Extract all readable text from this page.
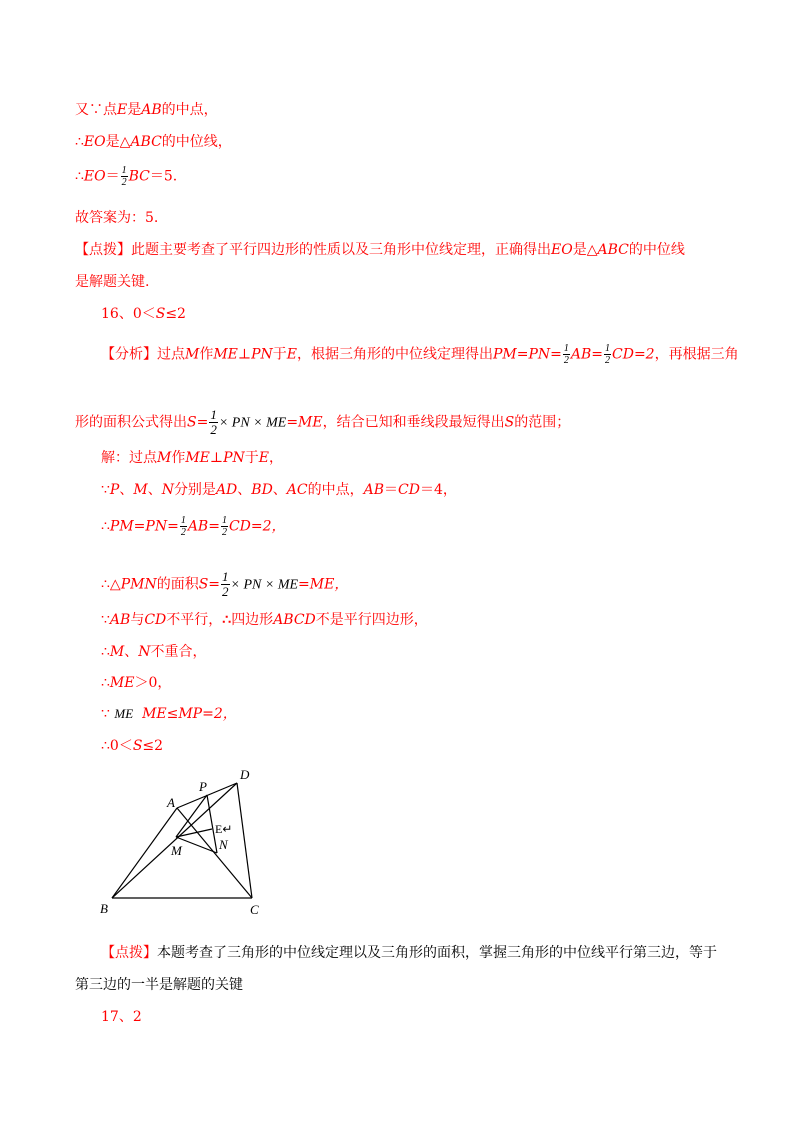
又∵点E是AB的中点，
∴EO是△ABC的中位线，
∴EO＝ $\frac{1}{2} BC=5$.
故答案为：5.
【点拨】此题主要考查了平行四边形的性质以及三角形中位线定理，正确得出EO是△ABC的中位线
是解题关键.
16、0＜S≤2
【分析】过点M作ME⊥PN于E，根据三角形的中位线定理得出$PM=PN= \frac{1}{2} AB= \frac{1}{2} CD=2$，再根据三角
形的面积公式得出$S= \frac{1}{2}$ × PN × ME=ME，结合已知和垂线段最短得出S的范围；
解：过点M作ME⊥PN于E，
∵P、M、N分别是AD、BD、AC的中点，AB＝CD＝4，
∴PM=PN= $\frac{1}{2} AB= \frac{1}{2} CD=2$，
∴△PMN的面积$S= \frac{1}{2}$ × PN × ME=ME，
∵AB与CD不平行，∴四边形ABCD不是平行四边形，
∴M、N不重合，
∴ME＞0，
∵ ME ME≤MP=2，
∴0＜S≤2
A
B	C
D
P
M	N
E↵
【点拨】本题考查了三角形的中位线定理以及三角形的面积，掌握三角形的中位线平行第三边，等于
第三边的一半是解题的关键
17、2
